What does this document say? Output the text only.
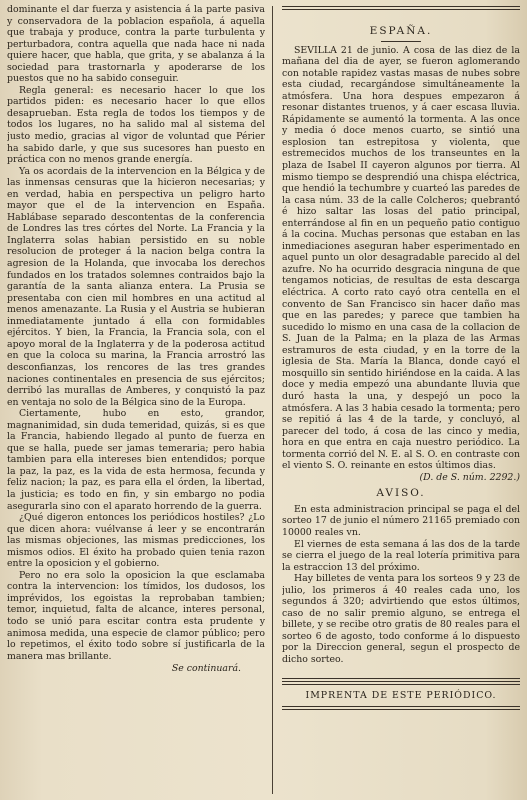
dominante el dar fuerza y asistencia á la parte pasiva y conservadora de la poblacion española, á aquella que trabaja y produce, contra la parte turbulenta y perturbadora, contra aquella que nada hace ni nada quiere hacer, que habla, que grita, y se abalanza á la sociedad para trastornarla y apoderarse de los puestos que no ha sabido conseguir.

Regla general: es necesario hacer lo que los partidos piden: es necesario hacer lo que ellos desaprueban. Esta regla de todos los tiempos y de todos los lugares, no ha salido mal al sistema del justo medio, gracias al vigor de voluntad que Périer ha sabido darle, y que sus sucesores han puesto en práctica con no menos grande energía.

Ya os acordais de la intervencion en la Bélgica y de las inmensas censuras que la hicieron necesarias; y en verdad, habia en perspectiva un peligro harto mayor que el de la intervencion en España. Hablábase separado descontentas de la conferencia de Londres las tres córtes del Norte. La Francia y la Inglaterra solas habian persistido en su noble resolucion de proteger á la nacion belga contra la agresion de la Holanda, que invocaba los derechos fundados en los tratados solemnes contraidos bajo la garantía de la santa alianza entera. La Prusia se presentaba con cien mil hombres en una actitud al menos amenazante. La Rusia y el Austria se hubieran inmediatamente juntado á ella con formidables ejércitos. Y bien, la Francia, la Francia sola, con el apoyo moral de la Inglaterra y de la poderosa actitud en que la coloca su marina, la Francia arrostró las desconfianzas, los rencores de las tres grandes naciones continentales en presencia de sus ejércitos; derribó las murallas de Amberes, y conquistó la paz en ventaja no solo de la Bélgica sino de la Europa.

Ciertamente, hubo en esto, grandor, magnanimidad, sin duda temeridad, quizás, si es que la Francia, habiendo llegado al punto de fuerza en que se halla, puede ser jamas temeraria; pero habia tambien para ella intereses bien entendidos; porque la paz, la paz, es la vida de esta hermosa, fecunda y feliz nacion; la paz, es para ella el órden, la libertad, la justicia; es todo en fin, y sin embargo no podia asegurarla sino con el aparato horrendo de la guerra.

¿Qué digeron entonces los periódicos hostiles? ¿Lo que dicen ahora: vuélvanse á leer y se encontrarán las mismas objeciones, las mismas predicciones, los mismos odios. El éxito ha probado quien tenia razon entre la oposicion y el gobierno.

Pero no era solo la oposicion la que esclamaba contra la intervencion: los tímidos, los dudosos, los imprévidos, los egoistas la reprobaban tambien; temor, inquietud, falta de alcance, interes personal, todo se unió para escitar contra esta prudente y animosa medida, una especie de clamor público; pero lo repetimos, el éxito todo sobre sí justificarla de la manera mas brillante.

Se continuará.
ESPAÑA.

SEVILLA 21 de junio. A cosa de las diez de la mañana del dia de ayer, se fueron aglomerando con notable rapidez vastas masas de nubes sobre esta ciudad, recargándose simultáneamente la atmósfera. Una hora despues empezaron á resonar distantes truenos, y á caer escasa lluvia. Rápidamente se aumentó la tormenta. A las once y media ó doce menos cuarto, se sintió una esplosion tan estrepitosa y violenta, que estremecidos muchos de los transeuntes en la plaza de Isabel II cayeron algunos por tierra. Al mismo tiempo se desprendió una chispa eléctrica, que hendió la techumbre y cuarteó las paredes de la casa núm. 33 de la calle Colcheros; quebrantó é hizo saltar las losas del patio principal, enterrándose al fin en un pequeño patio contiguo á la cocina. Muchas personas que estaban en las inmediaciones aseguran haber esperimentado en aquel punto un olor desagradable parecido al del azufre. No ha ocurrido desgracia ninguna de que tengamos noticias, de resultas de esta descarga eléctrica. A corto rato cayó otra centella en el convento de San Francisco sin hacer daño mas que en las paredes; y parece que tambien ha sucedido lo mismo en una casa de la collacion de S. Juan de la Palma; en la plaza de las Armas estramuros de esta ciudad, y en la torre de la iglesia de Sta. María la Blanca, donde cayó el mosquillo sin sentido hiriéndose en la caida. A las doce y media empezó una abundante lluvia que duró hasta la una, y despejó un poco la atmósfera. A las 3 habia cesado la tormenta; pero se repitió á las 4 de la tarde, y concluyó, al parecer del todo, á cosa de las cinco y media, hora en que entra en caja nuestro periódico. La tormenta corrió del N. E. al S. O. en contraste con el viento S. O. reinante en estos últimos dias.

(D. de S. núm. 2292.)
AVISO.

En esta administracion principal se paga el del sorteo 17 de junio el número 21165 premiado con 10000 reales vn.

El viernes de esta semana á las dos de la tarde se cierra el juego de la real lotería primitiva para la estraccion 13 del próximo.

Hay billetes de venta para los sorteos 9 y 23 de julio, los primeros á 40 reales cada uno, los segundos á 320; advirtiendo que estos últimos, caso de no salir premio alguno, se entrega el billete, y se recibe otro gratis de 80 reales para el sorteo 6 de agosto, todo conforme á lo dispuesto por la Direccion general, segun el prospecto de dicho sorteo.

IMPRENTA DE ESTE PERIÓDICO.
